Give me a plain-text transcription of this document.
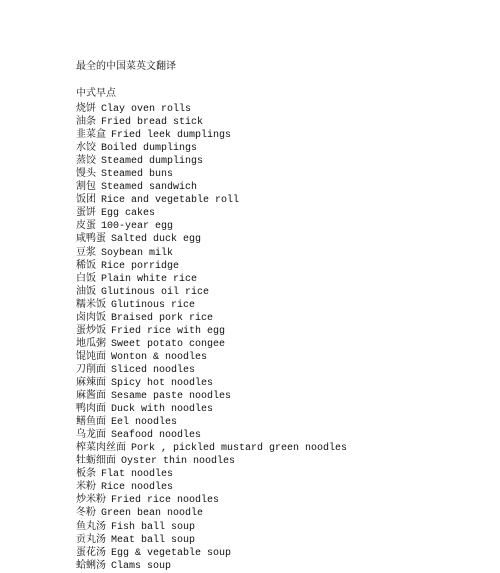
最全的中国菜英文翻译
中式早点
烧饼 Clay oven rolls
油条 Fried bread stick
韭菜盒 Fried leek dumplings
水饺 Boiled dumplings
蒸饺 Steamed dumplings
馒头 Steamed buns
割包 Steamed sandwich
饭团 Rice and vegetable roll
蛋饼 Egg cakes
皮蛋 100-year egg
咸鸭蛋 Salted duck egg
豆浆 Soybean milk
稀饭 Rice porridge
白饭 Plain white rice
油饭 Glutinous oil rice
糯米饭 Glutinous rice
卤肉饭 Braised pork rice
蛋炒饭 Fried rice with egg
地瓜粥 Sweet potato congee
馄饨面 Wonton & noodles
刀削面 Sliced noodles
麻辣面 Spicy hot noodles
麻酱面 Sesame paste noodles
鸭肉面 Duck with noodles
鳝鱼面 Eel noodles
乌龙面 Seafood noodles
榨菜肉丝面 Pork , pickled mustard green noodles
牡蛎细面 Oyster thin noodles
板条 Flat noodles
米粉 Rice noodles
炒米粉 Fried rice noodles
冬粉 Green bean noodle
鱼丸汤 Fish ball soup
贡丸汤 Meat ball soup
蛋花汤 Egg & vegetable soup
蛤蜊汤 Clams soup
